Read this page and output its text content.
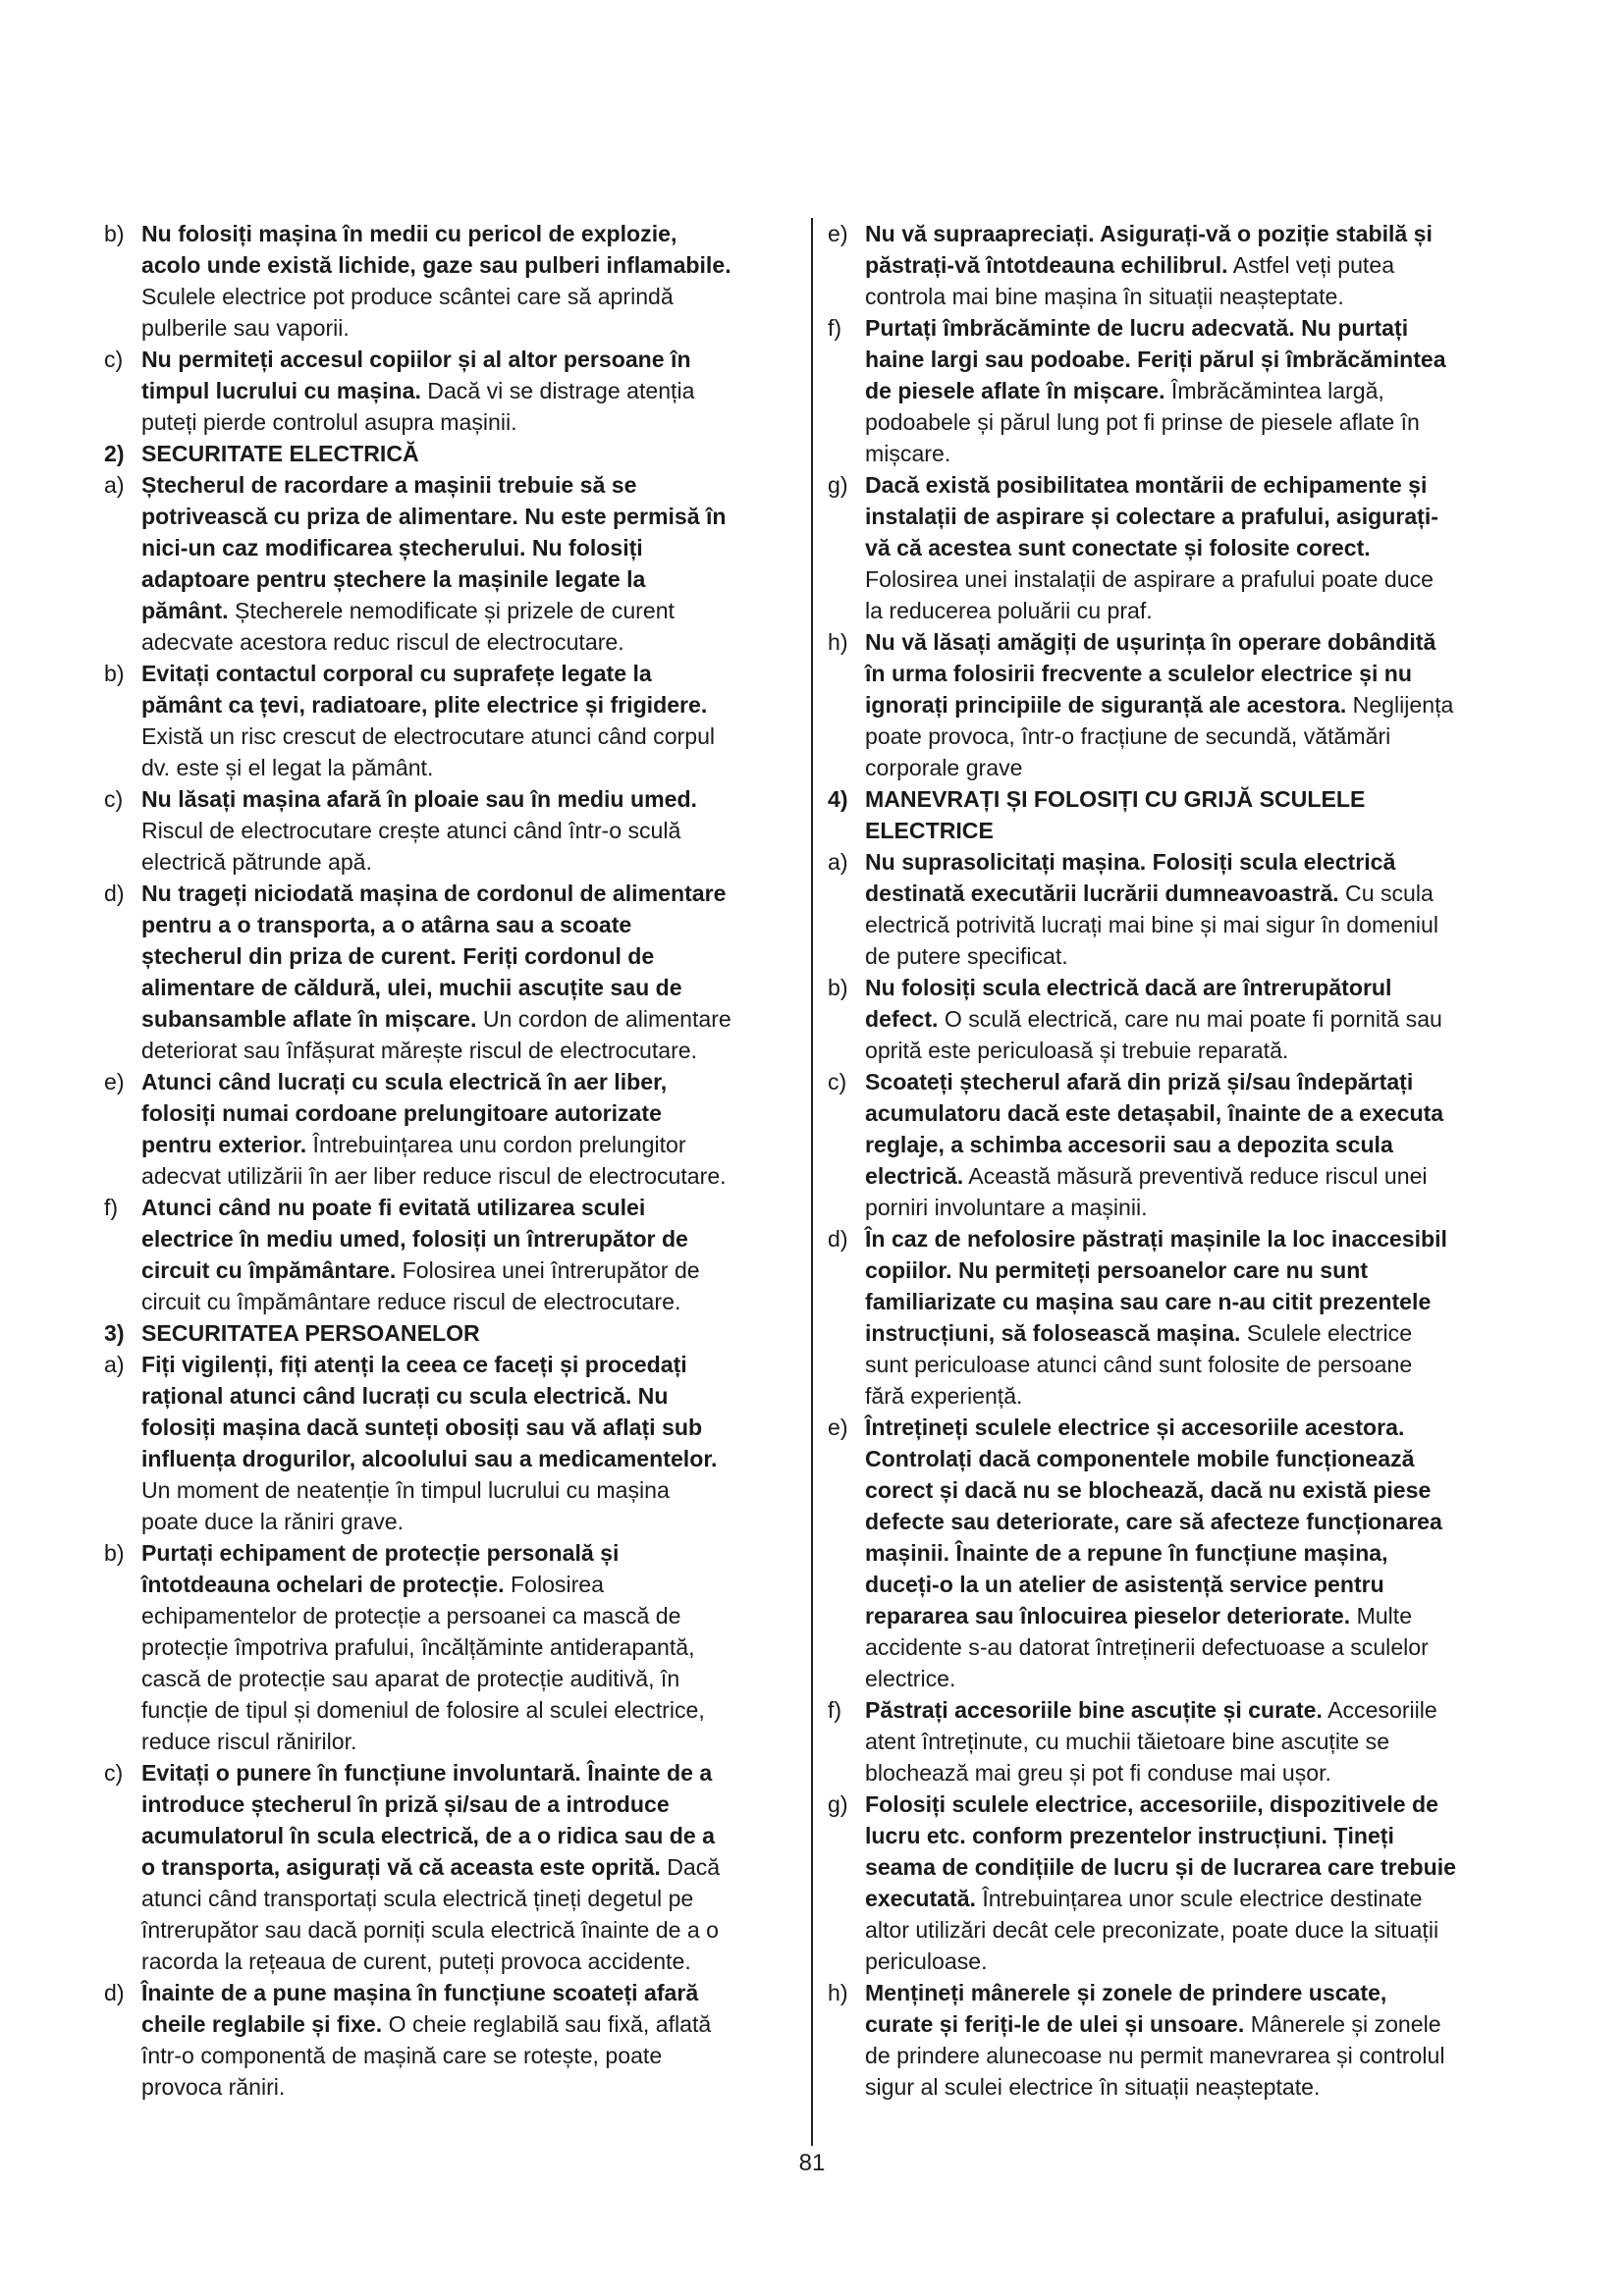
b) Nu folosiți mașina în medii cu pericol de explozie, acolo unde există lichide, gaze sau pulberi inflamabile. Sculele electrice pot produce scântei care să aprindă pulberile sau vaporii.
c) Nu permiteți accesul copiilor și al altor persoane în timpul lucrului cu mașina. Dacă vi se distrage atenția puteți pierde controlul asupra mașinii.
2) SECURITATE ELECTRICĂ
a) Ștecherul de racordare a mașinii trebuie să se potrivească cu priza de alimentare. Nu este permisă în nici-un caz modificarea ștecherului. Nu folosiți adaptoare pentru ștechere la mașinile legate la pământ. Ștecherele nemodificate și prizele de curent adecvate acestora reduc riscul de electrocutare.
b) Evitați contactul corporal cu suprafețe legate la pământ ca țevi, radiatoare, plite electrice și frigidere. Există un risc crescut de electrocutare atunci când corpul dv. este și el legat la pământ.
c) Nu lăsați mașina afară în ploaie sau în mediu umed. Riscul de electrocutare crește atunci când într-o sculă electrică pătrunde apă.
d) Nu trageți niciodată mașina de cordonul de alimentare pentru a o transporta, a o atârna sau a scoate ștecherul din priza de curent. Feriți cordonul de alimentare de căldură, ulei, muchii ascuțite sau de subansamble aflate în mișcare. Un cordon de alimentare deteriorat sau înfășurat mărește riscul de electrocutare.
e) Atunci când lucrați cu scula electrică în aer liber, folosiți numai cordoane prelungitoare autorizate pentru exterior. Întrebuințarea unu cordon prelungitor adecvat utilizării în aer liber reduce riscul de electrocutare.
f)	Atunci când nu poate fi evitată utilizarea sculei electrice în mediu umed, folosiți un întrerupător de circuit cu împământare. Folosirea unei întrerupător de circuit cu împământare reduce riscul de electrocutare.
3) SECURITATEA PERSOANELOR
a) Fiți vigilenți, fiți atenți la ceea ce faceți și procedați rațional atunci când lucrați cu scula electrică. Nu folosiți mașina dacă sunteți obosiți sau vă aflați sub influența drogurilor, alcoolului sau a medicamentelor. Un moment de neatenție în timpul lucrului cu mașina poate duce la răniri grave.
b) Purtați echipament de protecție personală și întotdeauna ochelari de protecție. Folosirea echipamentelor de protecție a persoanei ca mască de protecție împotriva prafului, încălțăminte antiderapantă, cască de protecție sau aparat de protecție auditivă, în funcție de tipul și domeniul de folosire al sculei electrice, reduce riscul rănirilor.
c) Evitați o punere în funcțiune involuntară. Înainte de a introduce ștecherul în priză și/sau de a introduce acumulatorul în scula electrică, de a o ridica sau de a o transporta, asigurați vă că aceasta este oprită. Dacă atunci când transportați scula electrică țineți degetul pe întrerupător sau dacă porniți scula electrică înainte de a o racorda la rețeaua de curent, puteți provoca accidente.
d) Înainte de a pune mașina în funcțiune scoateți afară cheile reglabile și fixe. O cheie reglabilă sau fixă, aflată într-o componentă de mașină care se rotește, poate provoca răniri.
e) Nu vă supraapreciați. Asigurați-vă o poziție stabilă și păstrați-vă întotdeauna echilibrul. Astfel veți putea controla mai bine mașina în situații neașteptate.
f)	Purtați îmbrăcăminte de lucru adecvată. Nu purtați haine largi sau podoabe. Feriți părul și îmbrăcămintea de piesele aflate în mișcare. Îmbrăcămintea largă, podoabele și părul lung pot fi prinse de piesele aflate în mișcare.
g) Dacă există posibilitatea montării de echipamente și instalații de aspirare și colectare a prafului, asigurați-vă că acestea sunt conectate și folosite corect. Folosirea unei instalații de aspirare a prafului poate duce la reducerea poluării cu praf.
h) Nu vă lăsați amăgiți de ușurința în operare dobândită în urma folosirii frecvente a sculelor electrice și nu ignorați principiile de siguranță ale acestora. Neglijența poate provoca, într-o fracțiune de secundă, vătămări corporale grave
4) MANEVRAȚI ȘI FOLOSIȚI CU GRIJĂ SCULELE ELECTRICE
a) Nu suprasolicitați mașina. Folosiți scula electrică destinată executării lucrării dumneavoastră. Cu scula electrică potrivită lucrați mai bine și mai sigur în domeniul de putere specificat.
b) Nu folosiți scula electrică dacă are întrerupătorul defect. O sculă electrică, care nu mai poate fi pornită sau oprită este periculoasă și trebuie reparată.
c) Scoateți ștecherul afară din priză și/sau îndepărtați acumulatoru dacă este detașabil, înainte de a executa reglaje, a schimba accesorii sau a depozita scula electrică. Această măsură preventivă reduce riscul unei porniri involuntare a mașinii.
d) În caz de nefolosire păstrați mașinile la loc inaccesibil copiilor. Nu permiteți persoanelor care nu sunt familiarizate cu mașina sau care n-au citit prezentele instrucțiuni, să folosească mașina. Sculele electrice sunt periculoase atunci când sunt folosite de persoane fără experiență.
e) Întrețineți sculele electrice și accesoriile acestora. Controlați dacă componentele mobile funcționează corect și dacă nu se blochează, dacă nu există piese defecte sau deteriorate, care să afecteze funcționarea mașinii. Înainte de a repune în funcțiune mașina, duceți-o la un atelier de asistență service pentru repararea sau înlocuirea pieselor deteriorate. Multe accidente s-au datorat întreținerii defectuoase a sculelor electrice.
f)	Păstrați accesoriile bine ascuțite și curate. Accesoriile atent întreținute, cu muchii tăietoare bine ascuțite se blochează mai greu și pot fi conduse mai ușor.
g) Folosiți sculele electrice, accesoriile, dispozitivele de lucru etc. conform prezentelor instrucțiuni. Țineți seama de condițiile de lucru și de lucrarea care trebuie executată. Întrebuințarea unor scule electrice destinate altor utilizări decât cele preconizate, poate duce la situații periculoase.
h) Mențineți mânerele și zonele de prindere uscate, curate și feriți-le de ulei și unsoare. Mânerele și zonele de prindere alunecoase nu permit manevrarea și controlul sigur al sculei electrice în situații neașteptate.
81
